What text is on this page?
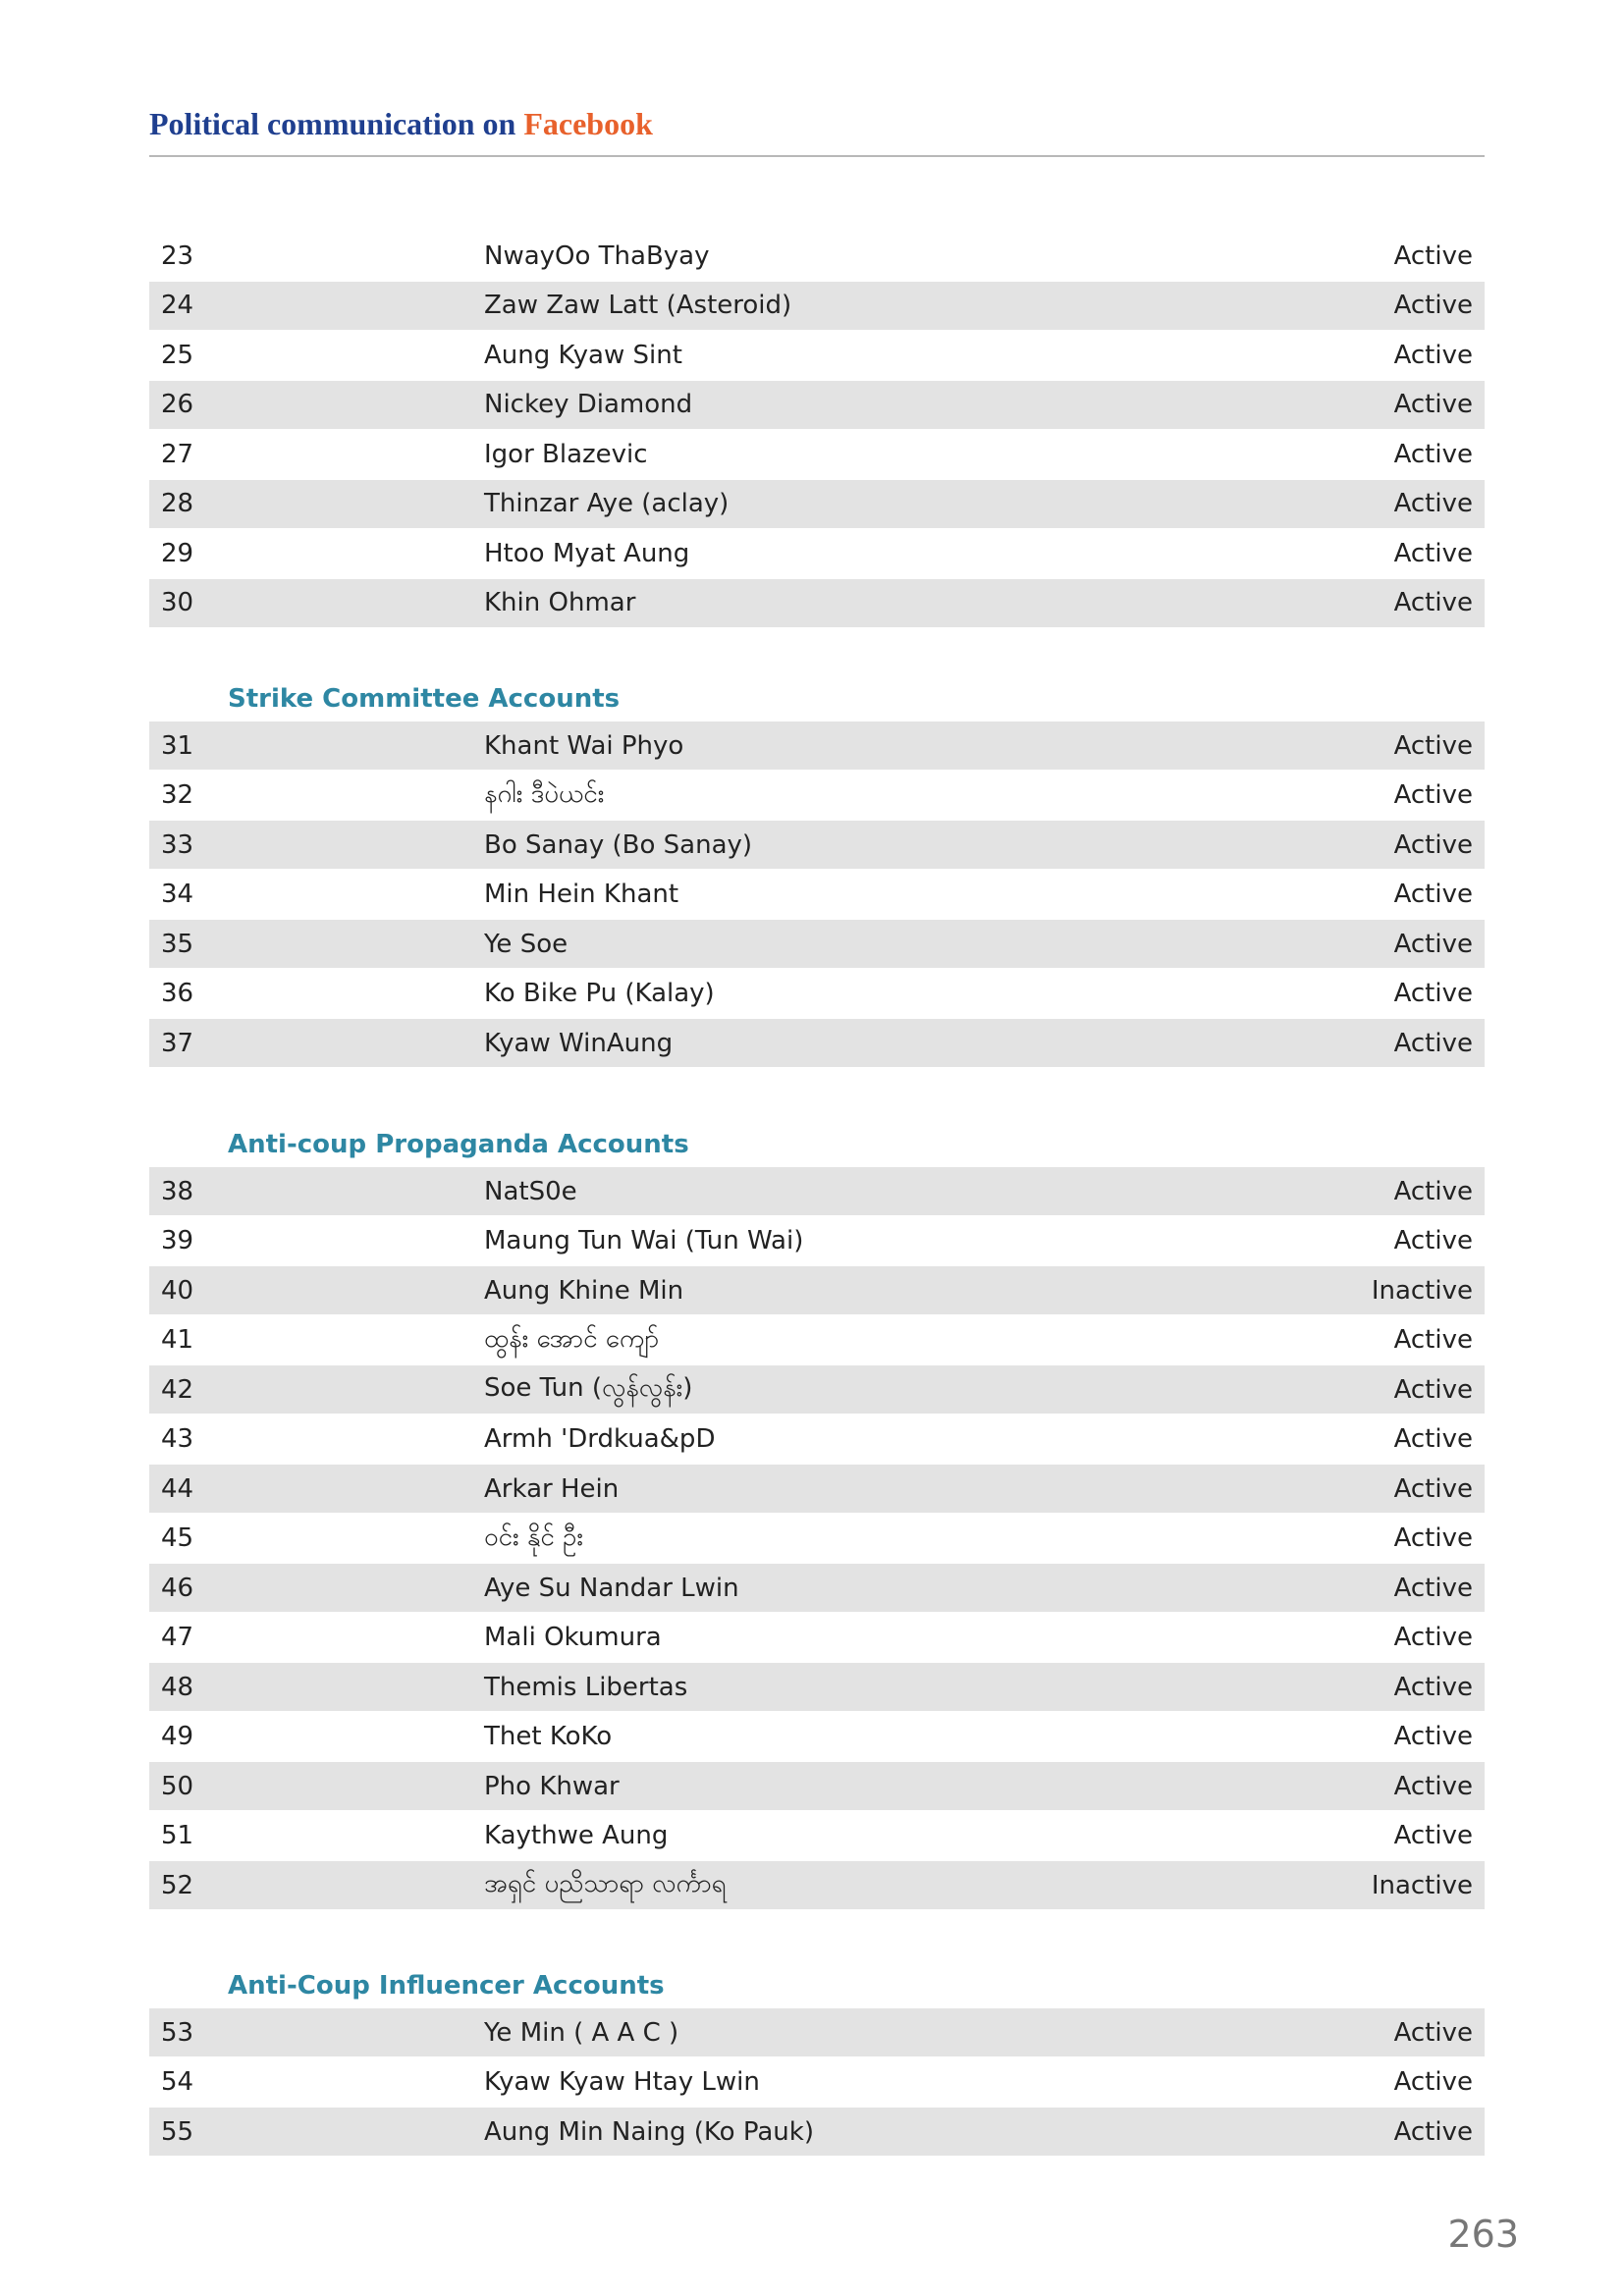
Political communication on Facebook
23	NwayOo ThaByay	Active
24	Zaw Zaw Latt (Asteroid)	Active
25	Aung Kyaw Sint	Active
26	Nickey Diamond	Active
27	Igor Blazevic	Active
28	Thinzar Aye (aclay)	Active
29	Htoo Myat Aung	Active
30	Khin Ohmar	Active
Strike Committee Accounts
31	Khant Wai Phyo	Active
32	နဂါး ဒီပဲယင်း	Active
33	Bo Sanay (Bo Sanay)	Active
34	Min Hein Khant	Active
35	Ye Soe	Active
36	Ko Bike Pu (Kalay)	Active
37	Kyaw WinAung	Active
Anti-coup Propaganda Accounts
38	NatS0e	Active
39	Maung Tun Wai (Tun Wai)	Active
40	Aung Khine Min	Inactive
41	ထွန်း အောင် ကျော်	Active
42	Soe Tun (လွန်လွန်း)	Active
43	Armh 'Drdkua&pD	Active
44	Arkar Hein	Active
45	ဝင်း နိုင် ဦး	Active
46	Aye Su Nandar Lwin	Active
47	Mali Okumura	Active
48	Themis Libertas	Active
49	Thet KoKo	Active
50	Pho Khwar	Active
51	Kaythwe Aung	Active
52	အရှင် ပညိသာရာ လင်္ကာရ	Inactive
Anti-Coup Influencer Accounts
53	Ye Min ( A A C )	Active
54	Kyaw Kyaw Htay Lwin	Active
55	Aung Min Naing (Ko Pauk)	Active
263
